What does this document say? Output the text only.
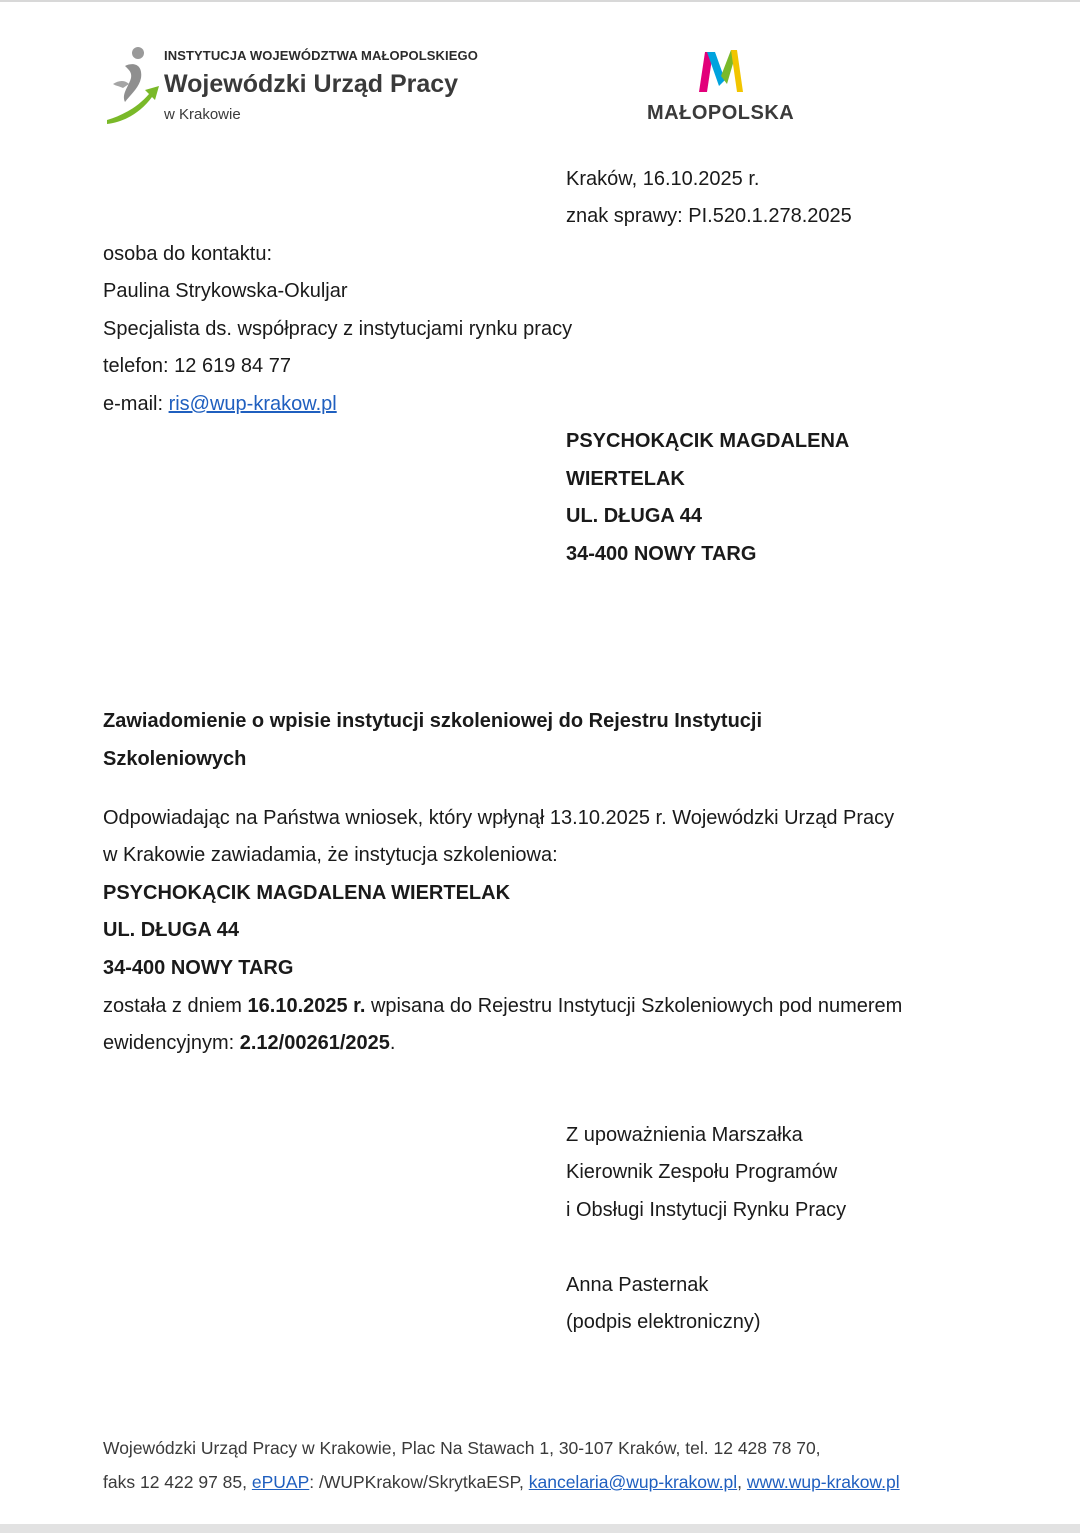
INSTYTUCJA WOJEWÓDZTWA MAŁOPOLSKIEGO
Wojewódzki Urząd Pracy
w Krakowie	MAŁOPOLSKA
Kraków, 16.10.2025 r.
znak sprawy: PI.520.1.278.2025
osoba do kontaktu:
Paulina Strykowska-Okuljar
Specjalista ds. współpracy z instytucjami rynku pracy
telefon: 12 619 84 77
e-mail: ris@wup-krakow.pl
PSYCHOKĄCIK MAGDALENA
WIERTELAK
UL. DŁUGA 44
34-400 NOWY TARG
Zawiadomienie o wpisie instytucji szkoleniowej do Rejestru Instytucji
Szkoleniowych
Odpowiadając na Państwa wniosek, który wpłynął 13.10.2025 r. Wojewódzki Urząd Pracy
w Krakowie zawiadamia, że instytucja szkoleniowa:
PSYCHOKĄCIK MAGDALENA WIERTELAK
UL. DŁUGA 44
34-400 NOWY TARG
została z dniem 16.10.2025 r. wpisana do Rejestru Instytucji Szkoleniowych pod numerem
ewidencyjnym: 2.12/00261/2025.
Z upoważnienia Marszałka
Kierownik Zespołu Programów
i Obsługi Instytucji Rynku Pracy
Anna Pasternak
(podpis elektroniczny)
Wojewódzki Urząd Pracy w Krakowie, Plac Na Stawach 1, 30-107 Kraków, tel. 12 428 78 70,
faks 12 422 97 85, ePUAP: /WUPKrakow/SkrytkaESP, kancelaria@wup-krakow.pl, www.wup-krakow.pl
